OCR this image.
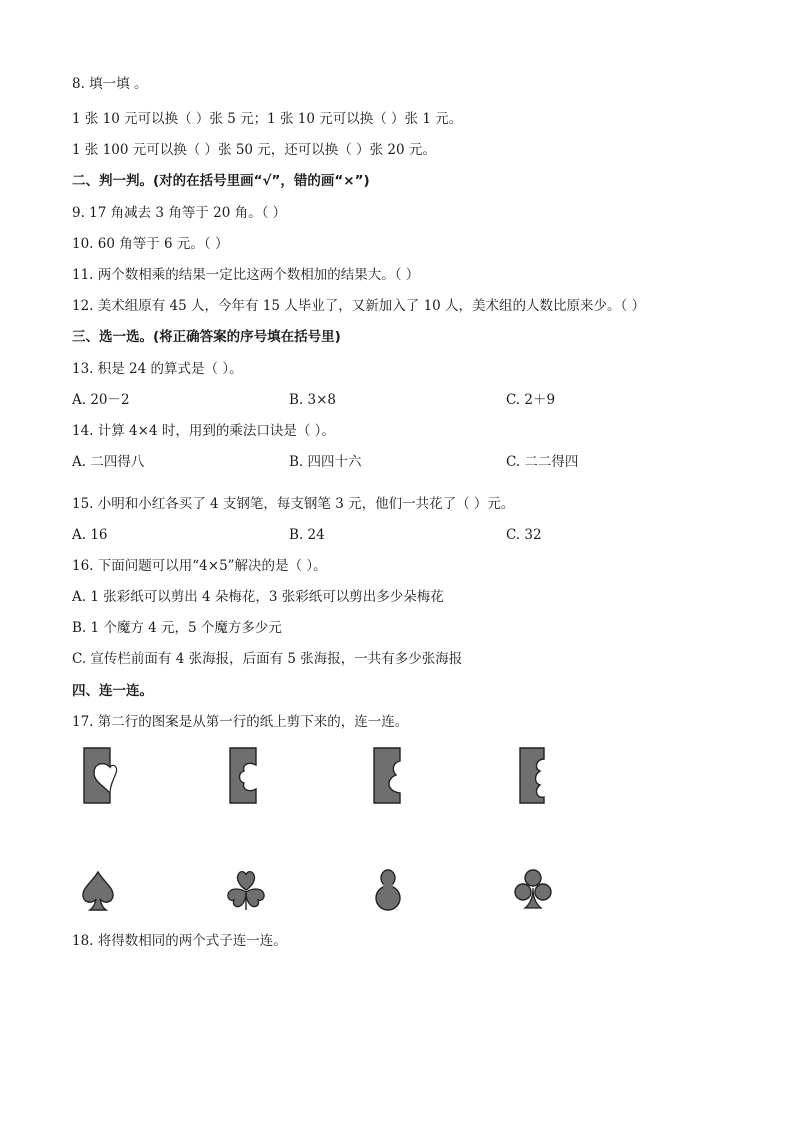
8. 填一填 。
1 张 10 元可以换（ ）张 5 元；1 张 10 元可以换（ ）张 1 元。
1 张 100 元可以换（ ）张 50 元，还可以换（ ）张 20 元。
二、判一判。(对的在括号里画“√”，错的画“×”)
9. 17 角减去 3 角等于 20 角。（ ）
10. 60 角等于 6 元。（ ）
11. 两个数相乘的结果一定比这两个数相加的结果大。（ ）
12. 美术组原有 45 人，今年有 15 人毕业了，又新加入了 10 人，美术组的人数比原来少。（ ）
三、选一选。(将正确答案的序号填在括号里)
13. 积是 24 的算式是（ ）。
A. 20－2	B. 3×8	C. 2＋9
14. 计算 4×4 时，用到的乘法口诀是（ ）。
A. 二四得八	B. 四四十六	C. 二二得四
15. 小明和小红各买了 4 支钢笔，每支钢笔 3 元，他们一共花了（ ）元。
A. 16	B. 24	C. 32
16. 下面问题可以用“4×5”解决的是（ ）。
A. 1 张彩纸可以剪出 4 朵梅花，3 张彩纸可以剪出多少朵梅花
B. 1 个魔方 4 元，5 个魔方多少元
C. 宣传栏前面有 4 张海报，后面有 5 张海报，一共有多少张海报
四、连一连。
17. 第二行的图案是从第一行的纸上剪下来的，连一连。
18. 将得数相同的两个式子连一连。
